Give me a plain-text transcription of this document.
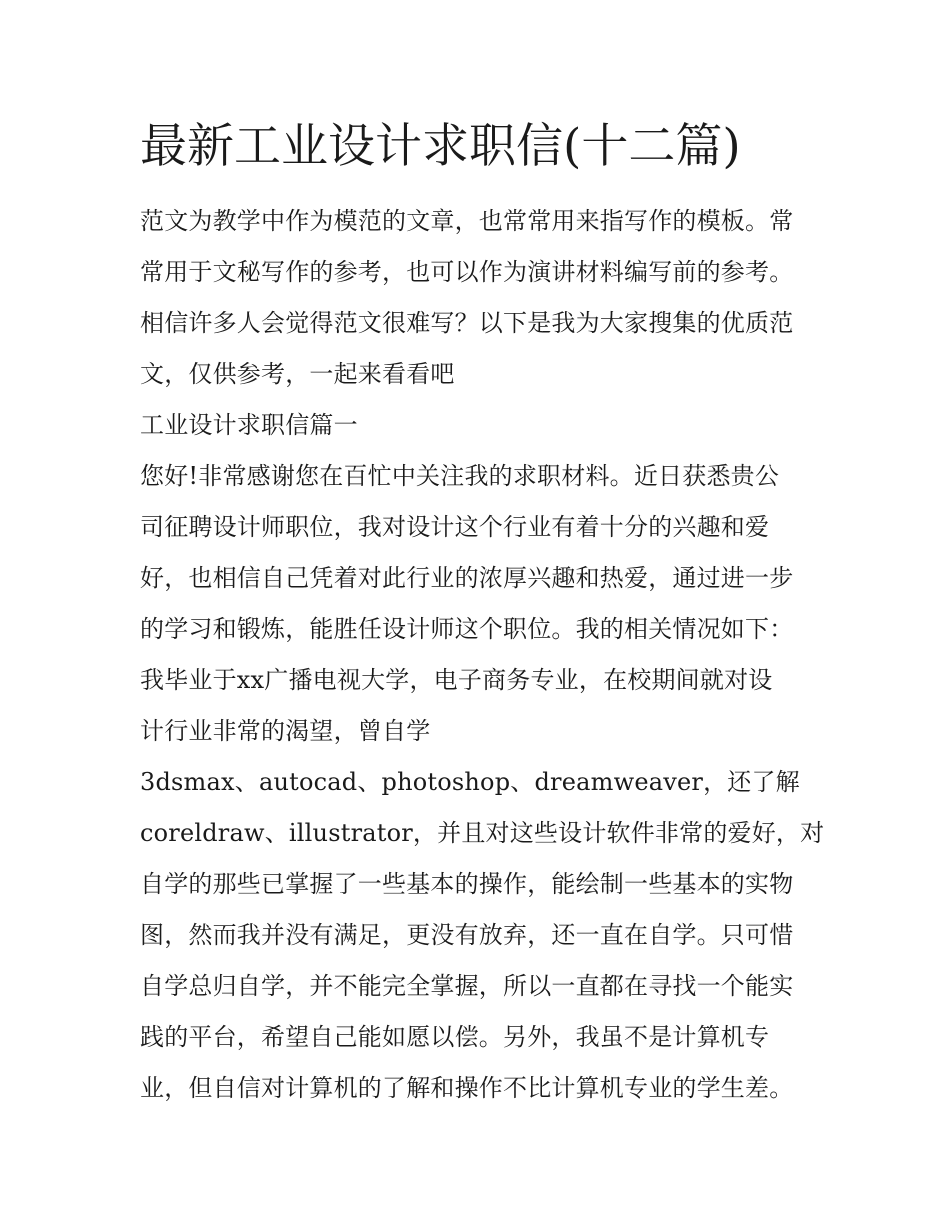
最新工业设计求职信(十二篇)
范文为教学中作为模范的文章，也常常用来指写作的模板。常
常用于文秘写作的参考，也可以作为演讲材料编写前的参考。
相信许多人会觉得范文很难写？以下是我为大家搜集的优质范
文，仅供参考，一起来看看吧
工业设计求职信篇一
您好!非常感谢您在百忙中关注我的求职材料。近日获悉贵公
司征聘设计师职位，我对设计这个行业有着十分的兴趣和爱
好，也相信自己凭着对此行业的浓厚兴趣和热爱，通过进一步
的学习和锻炼，能胜任设计师这个职位。我的相关情况如下：
我毕业于xx广播电视大学，电子商务专业，在校期间就对设
计行业非常的渴望，曾自学
3dsmax、autocad、photoshop、dreamweaver，还了解
coreldraw、illustrator，并且对这些设计软件非常的爱好，对
自学的那些已掌握了一些基本的操作，能绘制一些基本的实物
图，然而我并没有满足，更没有放弃，还一直在自学。只可惜
自学总归自学，并不能完全掌握，所以一直都在寻找一个能实
践的平台，希望自己能如愿以偿。另外，我虽不是计算机专
业，但自信对计算机的了解和操作不比计算机专业的学生差。
